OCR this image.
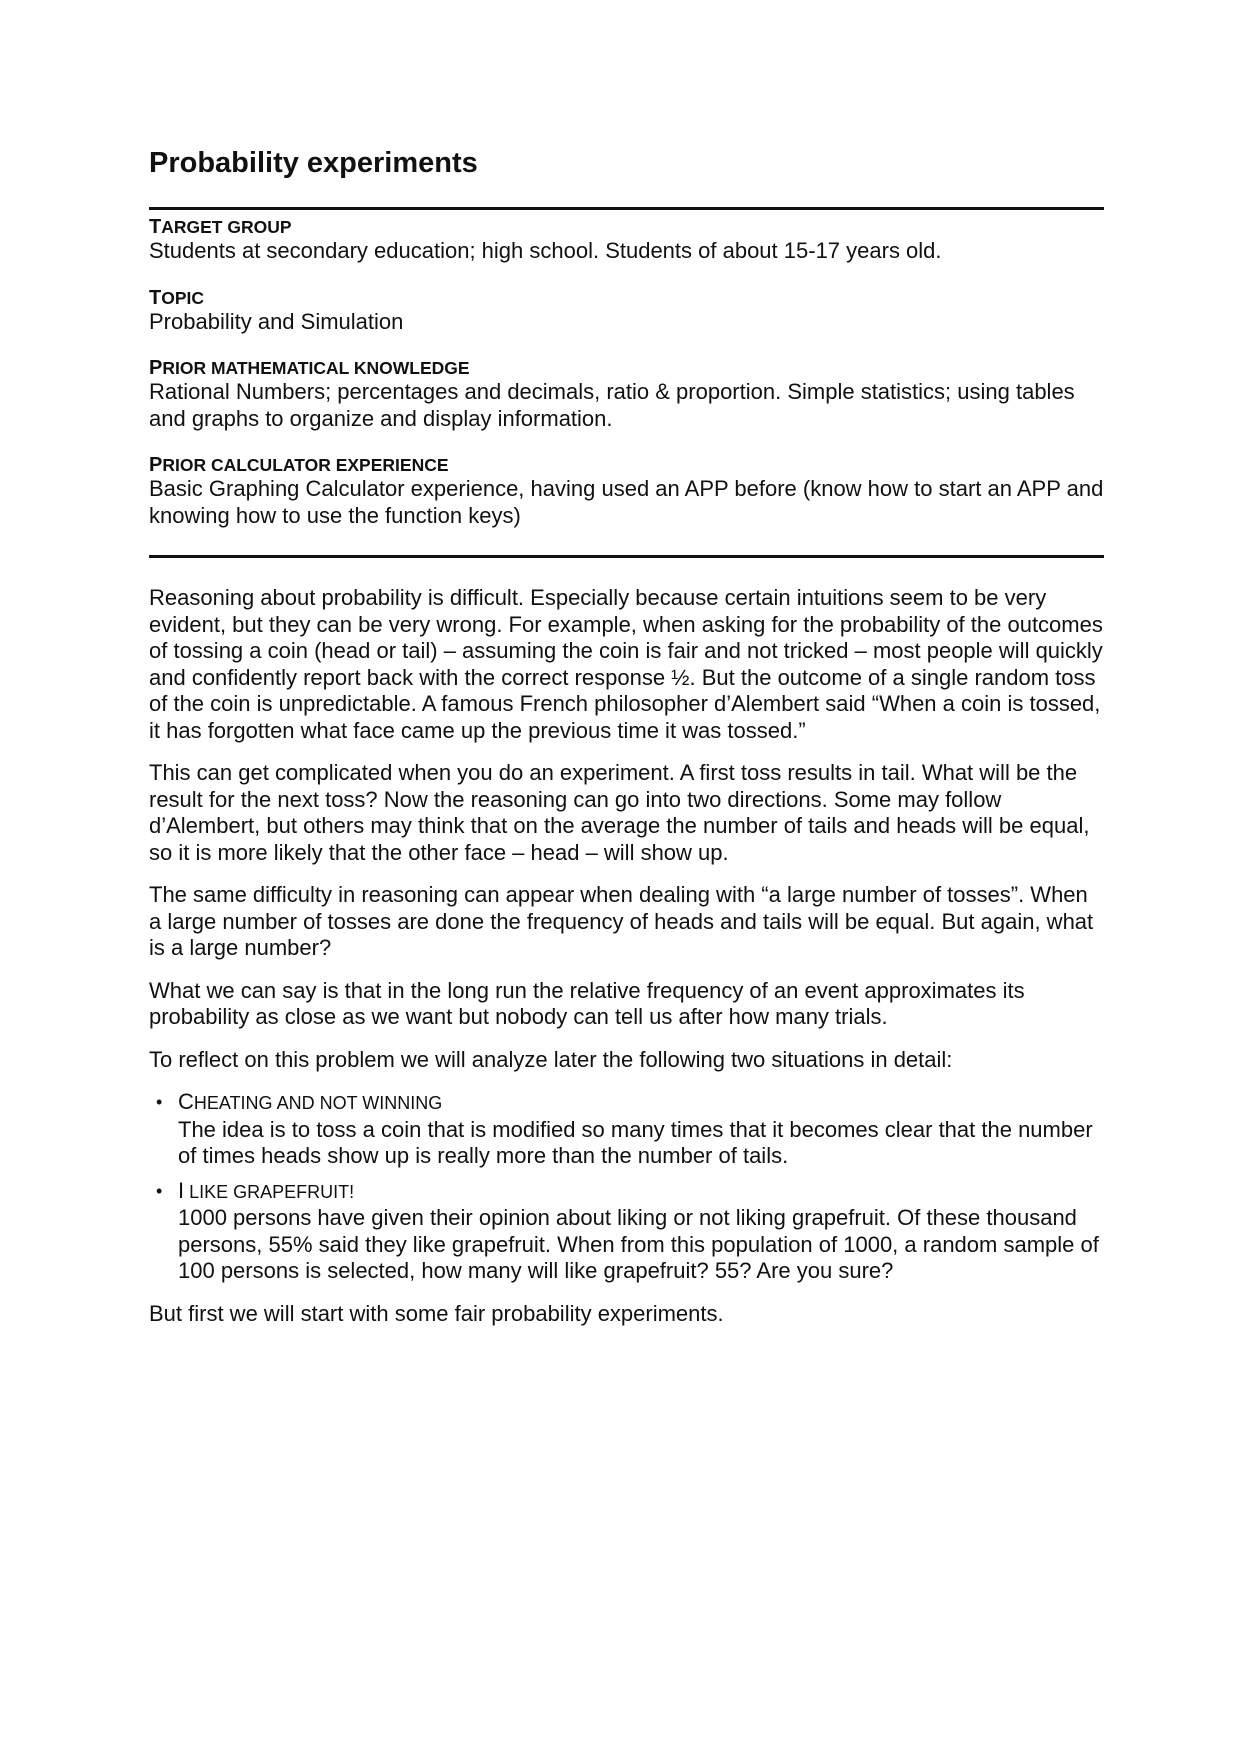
Probability experiments
TARGET GROUP
Students at secondary education; high school. Students of about 15-17 years old.
TOPIC
Probability and Simulation
PRIOR MATHEMATICAL KNOWLEDGE
Rational Numbers; percentages and decimals, ratio & proportion. Simple statistics; using tables and graphs to organize and display information.
PRIOR CALCULATOR EXPERIENCE
Basic Graphing Calculator experience, having used an APP before (know how to start an APP and knowing how to use the function keys)

Reasoning about probability is difficult. Especially because certain intuitions seem to be very evident, but they can be very wrong. For example, when asking for the probability of the outcomes of tossing a coin (head or tail) – assuming the coin is fair and not tricked – most people will quickly and confidently report back with the correct response ½. But the outcome of a single random toss of the coin is unpredictable. A famous French philosopher d’Alembert said “When a coin is tossed, it has forgotten what face came up the previous time it was tossed.”

This can get complicated when you do an experiment. A first toss results in tail. What will be the result for the next toss? Now the reasoning can go into two directions. Some may follow d’Alembert, but others may think that on the average the number of tails and heads will be equal, so it is more likely that the other face – head – will show up.

The same difficulty in reasoning can appear when dealing with “a large number of tosses”. When a large number of tosses are done the frequency of heads and tails will be equal. But again, what is a large number?

What we can say is that in the long run the relative frequency of an event approximates its probability as close as we want but nobody can tell us after how many trials.

To reflect on this problem we will analyze later the following two situations in detail:

• CHEATING AND NOT WINNING
The idea is to toss a coin that is modified so many times that it becomes clear that the number of times heads show up is really more than the number of tails.
• I LIKE GRAPEFRUIT!
1000 persons have given their opinion about liking or not liking grapefruit. Of these thousand persons, 55% said they like grapefruit. When from this population of 1000, a random sample of 100 persons is selected, how many will like grapefruit? 55? Are you sure?

But first we will start with some fair probability experiments.
